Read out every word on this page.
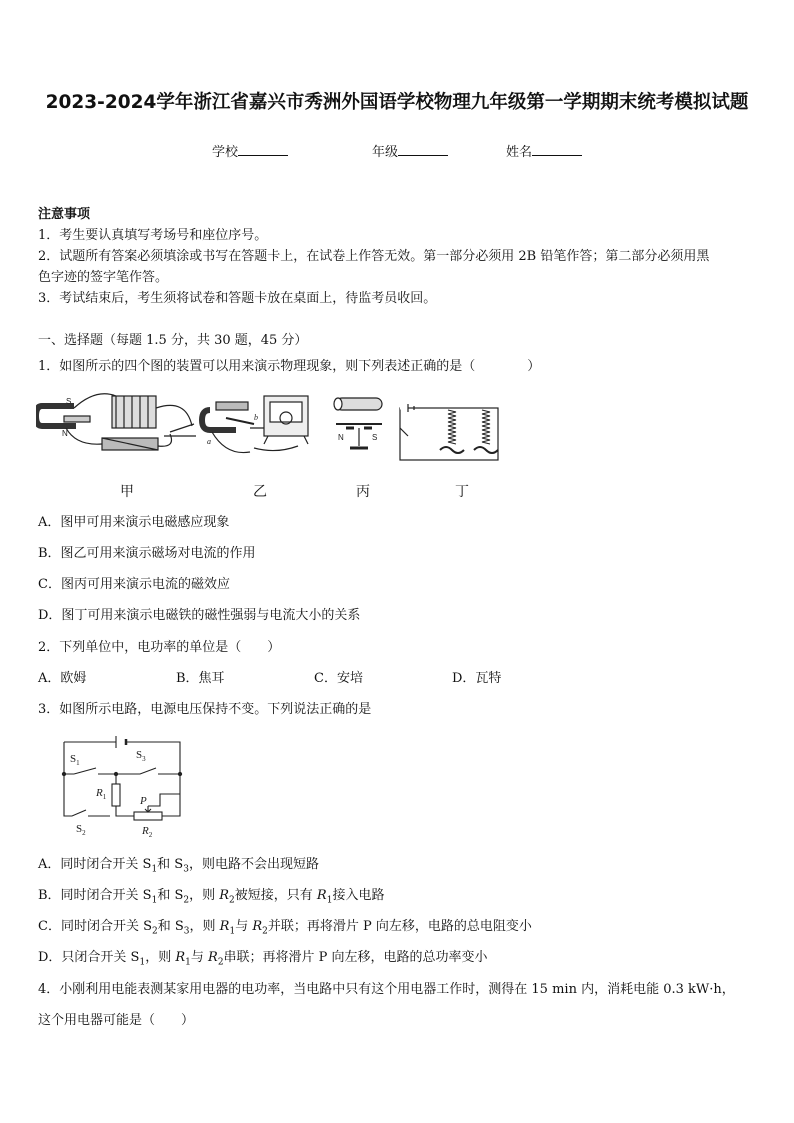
2023-2024学年浙江省嘉兴市秀洲外国语学校物理九年级第一学期期末统考模拟试题
学校	年级	姓名
注意事项
1．考生要认真填写考场号和座位序号。
2．试题所有答案必须填涂或书写在答题卡上，在试卷上作答无效。第一部分必须用 2B 铅笔作答；第二部分必须用黑
色字迹的签字笔作答。
3．考试结束后，考生须将试卷和答题卡放在桌面上，待监考员收回。
一、选择题（每题 1.5 分，共 30 题，45 分）
1．如图所示的四个图的装置可以用来演示物理现象，则下列表述正确的是（　　　　）
S
N
a
b
N	S
甲	乙	丙	丁
A．图甲可用来演示电磁感应现象
B．图乙可用来演示磁场对电流的作用
C．图丙可用来演示电流的磁效应
D．图丁可用来演示电磁铁的磁性强弱与电流大小的关系
2．下列单位中，电功率的单位是（　　）
A．欧姆	B．焦耳	C．安培	D．瓦特
3．如图所示电路，电源电压保持不变。下列说法正确的是
$S_1$
$S_3$
$S_2$
$R_1$	P
$R_2$
A．同时闭合开关 $S_1$和 $S_3$，则电路不会出现短路
B．同时闭合开关 $S_1$和 $S_2$，则 $R_2$被短接，只有 $R_1$接入电路
C．同时闭合开关 $S_2$和 $S_3$，则 $R_1$与 $R_2$并联；再将滑片 P 向左移，电路的总电阻变小
D．只闭合开关 $S_1$，则 $R_1$与 $R_2$串联；再将滑片 P 向左移，电路的总功率变小
4．小刚利用电能表测某家用电器的电功率，当电路中只有这个用电器工作时，测得在 15 min 内，消耗电能 0.3 kW·h，
这个用电器可能是（　　）
